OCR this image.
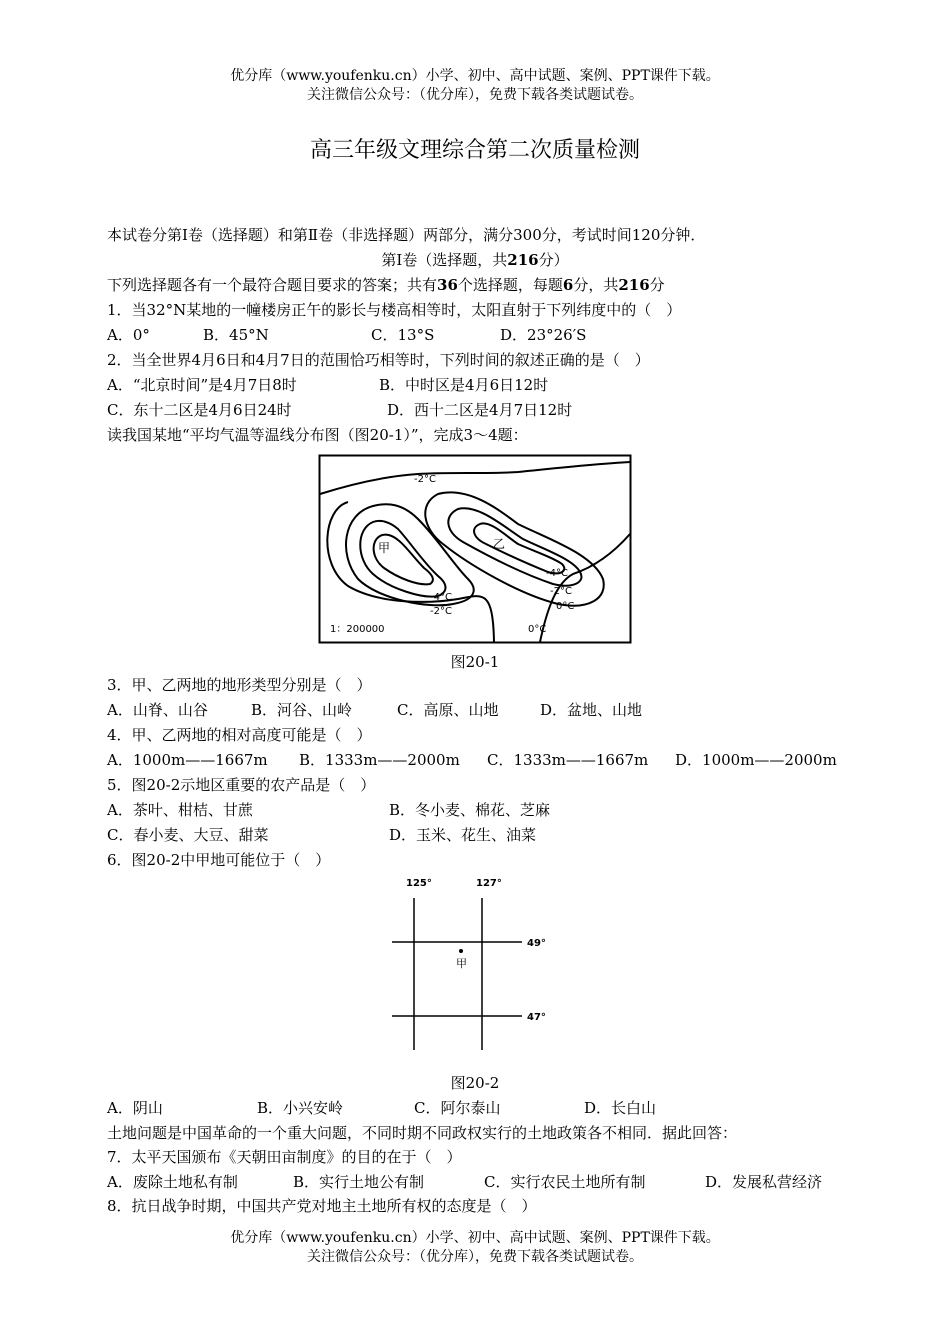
优分库（www.youfenku.cn）小学、初中、高中试题、案例、PPT课件下载。
关注微信公众号：（优分库），免费下载各类试题试卷。
高三年级文理综合第二次质量检测
本试卷分第Ⅰ卷（选择题）和第Ⅱ卷（非选择题）两部分，满分300分，考试时间120分钟．
第Ⅰ卷（选择题，共216分）
下列选择题各有一个最符合题目要求的答案；共有36个选择题，每题6分，共216分
1．当32°N某地的一幢楼房正午的影长与楼高相等时，太阳直射于下列纬度中的（　）
A．0°	B．45°N	C．13°S	D．23°26′S
2．当全世界4月6日和4月7日的范围恰巧相等时，下列时间的叙述正确的是（　）
A．“北京时间”是4月7日8时	B．中时区是4月6日12时
C．东十二区是4月6日24时	D．西十二区是4月7日12时
读我国某地“平均气温等温线分布图（图20-1）”，完成3～4题：
-2°C
甲	乙
-4°C
-4°C
-2°C
-2°C	0°C
0°C
1：200000
图20-1
3．甲、乙两地的地形类型分别是（　）
A．山脊、山谷	B．河谷、山岭	C．高原、山地	D．盆地、山地
4．甲、乙两地的相对高度可能是（　）
A．1000m——1667m B．1333m——2000m C．1333m——1667m D．1000m——2000m
5．图20-2示地区重要的农产品是（　）
A．茶叶、柑桔、甘蔗	B．冬小麦、棉花、芝麻
C．春小麦、大豆、甜菜	D．玉米、花生、油菜
6．图20-2中甲地可能位于（　）
125°	127°
49°
47°
甲
图20-2
A．阴山	B．小兴安岭	C．阿尔泰山	D．长白山
土地问题是中国革命的一个重大问题，不同时期不同政权实行的土地政策各不相同．据此回答：
7．太平天国颁布《天朝田亩制度》的目的在于（　）
A．废除土地私有制	B．实行土地公有制	C．实行农民土地所有制	D．发展私营经济
8．抗日战争时期，中国共产党对地主土地所有权的态度是（　）
优分库（www.youfenku.cn）小学、初中、高中试题、案例、PPT课件下载。
关注微信公众号：（优分库），免费下载各类试题试卷。
